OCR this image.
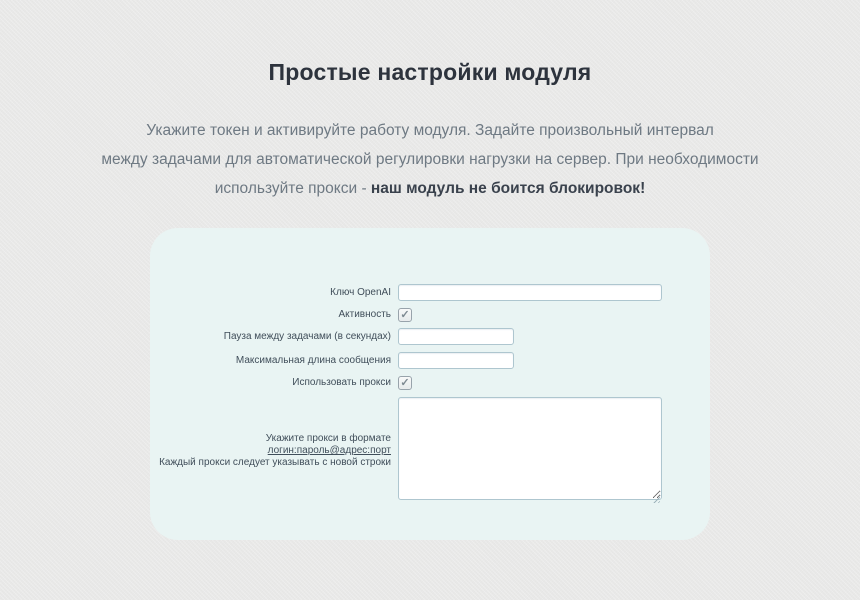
Простые настройки модуля
Укажите токен и активируйте работу модуля. Задайте произвольный интервал
между задачами для автоматической регулировки нагрузки на сервер. При необходимости
используйте прокси - наш модуль не боится блокировок!
Ключ OpenAI
Активность ✓
Пауза между задачами (в секундах)
Максимальная длина сообщения
Использовать прокси ✓
Укажите прокси в формате логин:пароль@адрес:порт
Каждый прокси следует указывать с новой строки
